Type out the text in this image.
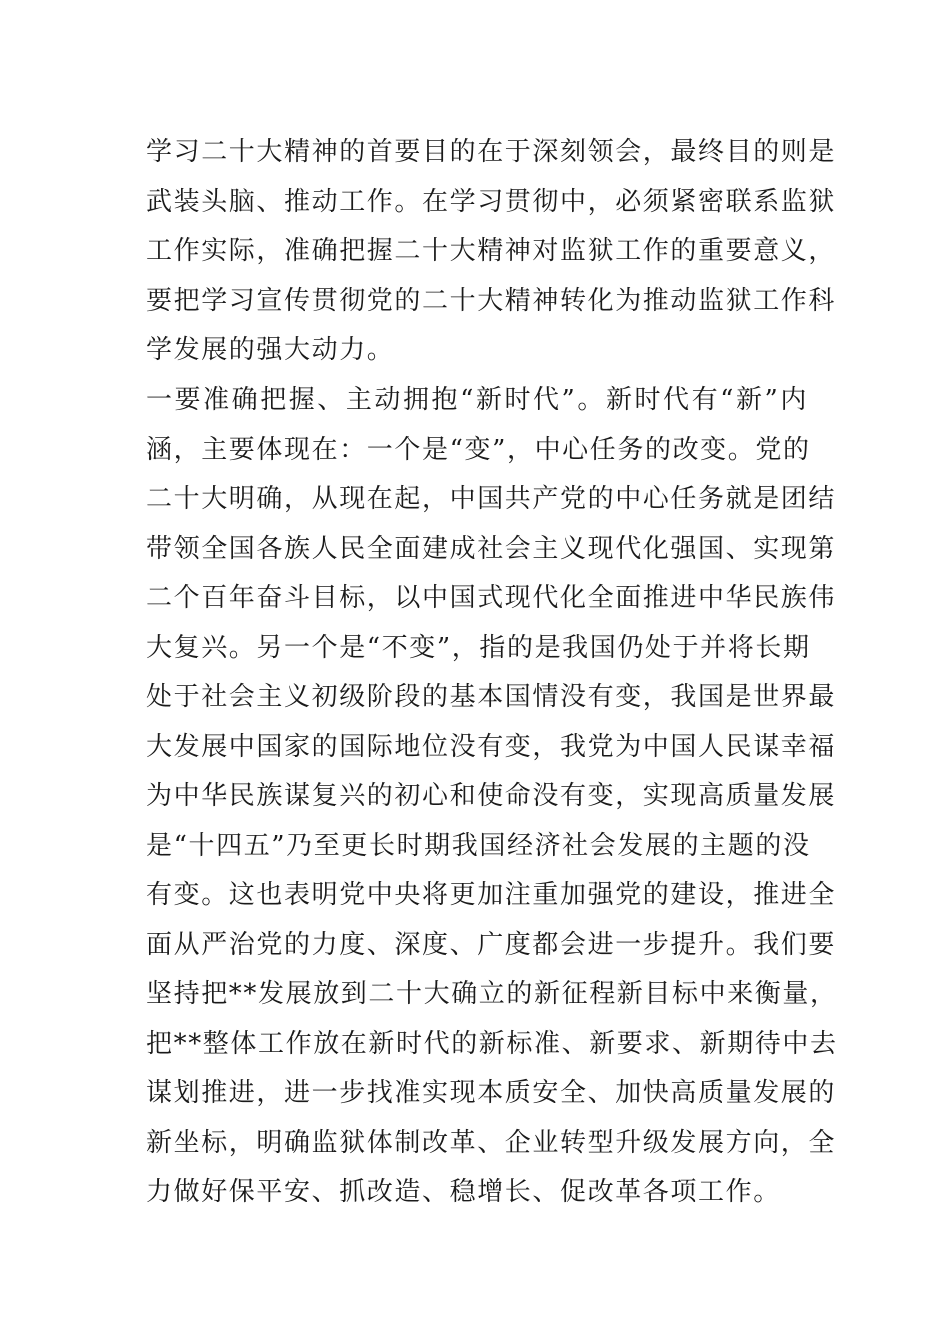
学习二十大精神的首要目的在于深刻领会，最终目的则是
武装头脑、推动工作。在学习贯彻中，必须紧密联系监狱
工作实际，准确把握二十大精神对监狱工作的重要意义，
要把学习宣传贯彻党的二十大精神转化为推动监狱工作科
学发展的强大动力。
一要准确把握、主动拥抱“新时代”。新时代有“新”内
涵，主要体现在：一个是“变”，中心任务的改变。党的
二十大明确，从现在起，中国共产党的中心任务就是团结
带领全国各族人民全面建成社会主义现代化强国、实现第
二个百年奋斗目标，以中国式现代化全面推进中华民族伟
大复兴。另一个是“不变”，指的是我国仍处于并将长期
处于社会主义初级阶段的基本国情没有变，我国是世界最
大发展中国家的国际地位没有变，我党为中国人民谋幸福
为中华民族谋复兴的初心和使命没有变，实现高质量发展
是“十四五”乃至更长时期我国经济社会发展的主题的没
有变。这也表明党中央将更加注重加强党的建设，推进全
面从严治党的力度、深度、广度都会进一步提升。我们要
坚持把**发展放到二十大确立的新征程新目标中来衡量，
把**整体工作放在新时代的新标准、新要求、新期待中去
谋划推进，进一步找准实现本质安全、加快高质量发展的
新坐标，明确监狱体制改革、企业转型升级发展方向，全
力做好保平安、抓改造、稳增长、促改革各项工作。
